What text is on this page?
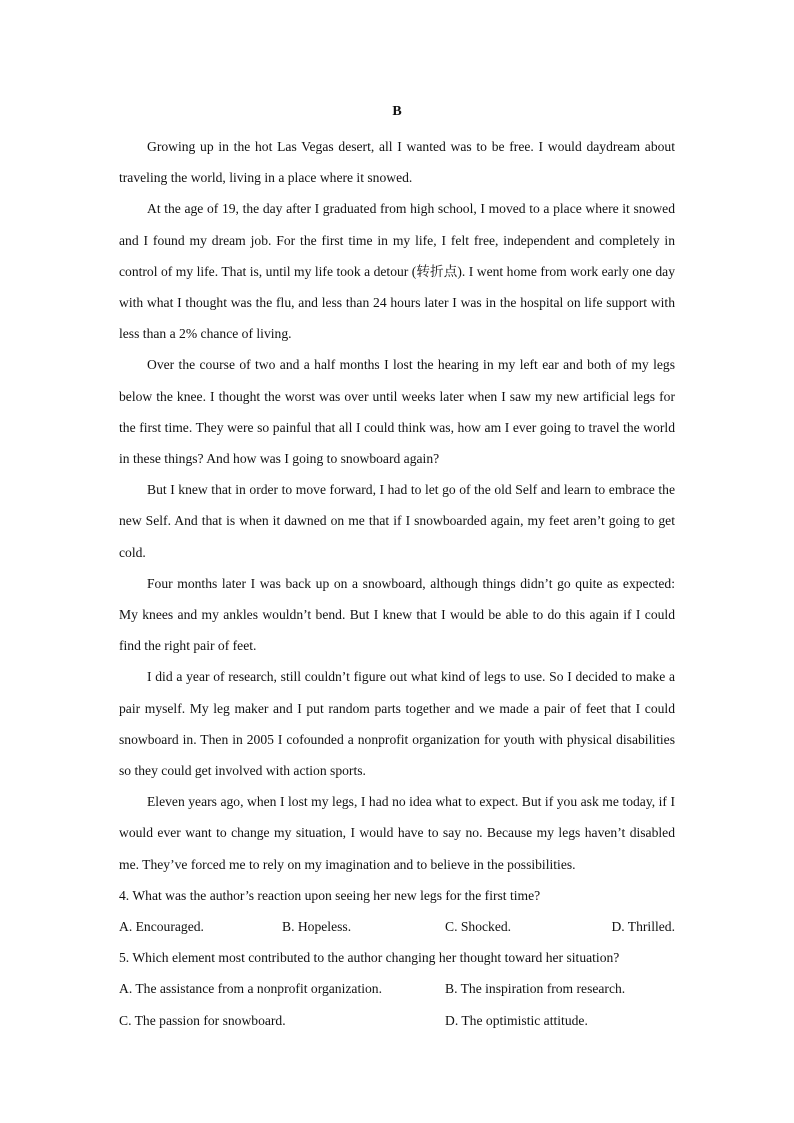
B

Growing up in the hot Las Vegas desert, all I wanted was to be free. I would daydream about traveling the world, living in a place where it snowed.

At the age of 19, the day after I graduated from high school, I moved to a place where it snowed and I found my dream job. For the first time in my life, I felt free, independent and completely in control of my life. That is, until my life took a detour (转折点). I went home from work early one day with what I thought was the flu, and less than 24 hours later I was in the hospital on life support with less than a 2% chance of living.

Over the course of two and a half months I lost the hearing in my left ear and both of my legs below the knee. I thought the worst was over until weeks later when I saw my new artificial legs for the first time. They were so painful that all I could think was, how am I ever going to travel the world in these things? And how was I going to snowboard again?

But I knew that in order to move forward, I had to let go of the old Self and learn to embrace the new Self. And that is when it dawned on me that if I snowboarded again, my feet aren’t going to get cold.

Four months later I was back up on a snowboard, although things didn’t go quite as expected: My knees and my ankles wouldn’t bend. But I knew that I would be able to do this again if I could find the right pair of feet.

I did a year of research, still couldn’t figure out what kind of legs to use. So I decided to make a pair myself. My leg maker and I put random parts together and we made a pair of feet that I could snowboard in. Then in 2005 I cofounded a nonprofit organization for youth with physical disabilities so they could get involved with action sports.

Eleven years ago, when I lost my legs, I had no idea what to expect. But if you ask me today, if I would ever want to change my situation, I would have to say no. Because my legs haven’t disabled me. They’ve forced me to rely on my imagination and to believe in the possibilities.

4. What was the author’s reaction upon seeing her new legs for the first time?

A. Encouraged.	B. Hopeless.	C. Shocked.	D. Thrilled.

5. Which element most contributed to the author changing her thought toward her situation?

A. The assistance from a nonprofit organization.	B. The inspiration from research.
C. The passion for snowboard.	D. The optimistic attitude.
